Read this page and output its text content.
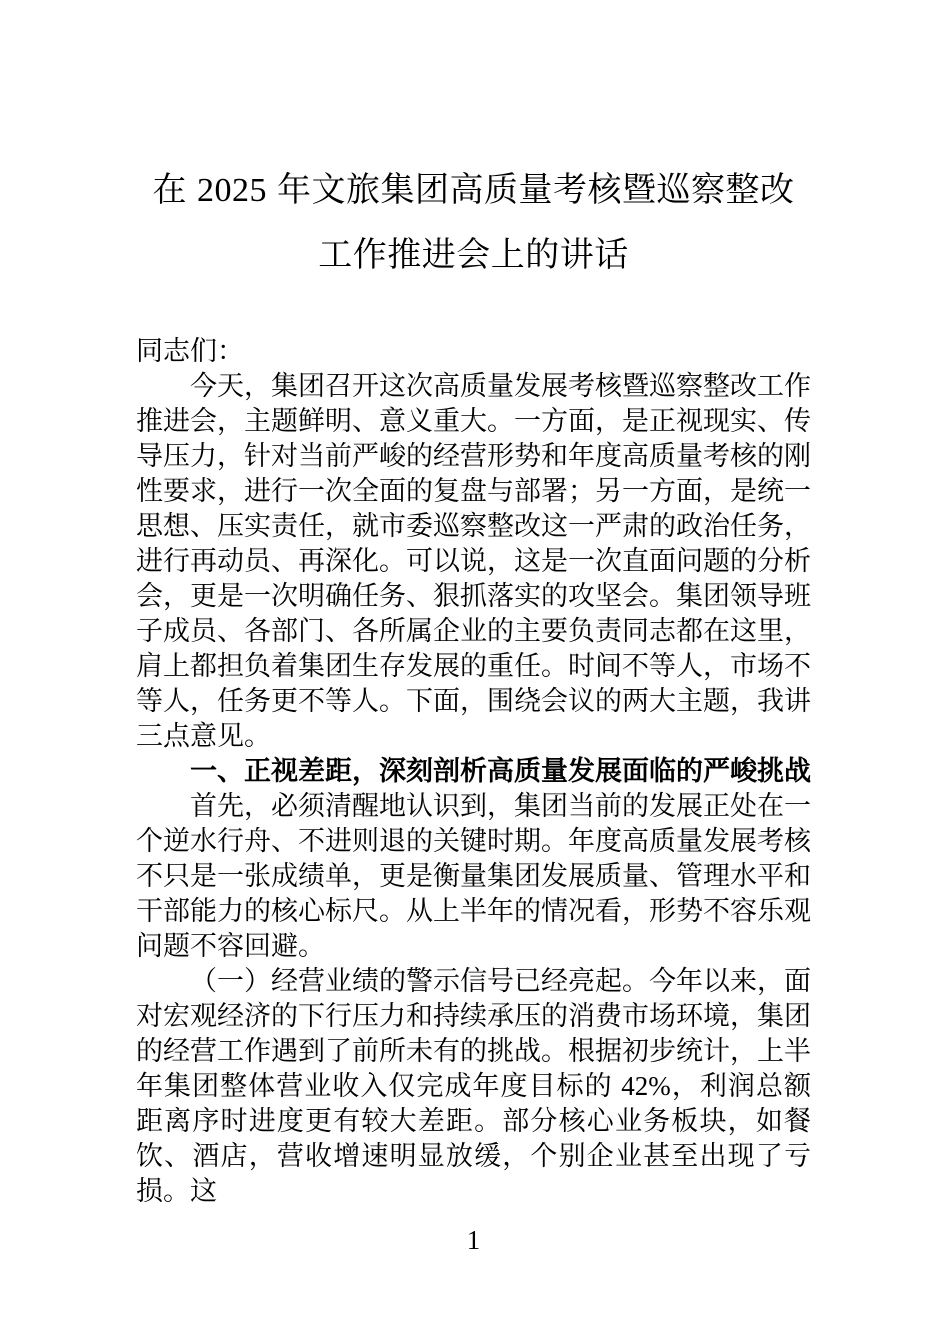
在 2025 年文旅集团高质量考核暨巡察整改
工作推进会上的讲话

同志们：

今天，集团召开这次高质量发展考核暨巡察整改工作推进会，主题鲜明、意义重大。一方面，是正视现实、传导压力，针对当前严峻的经营形势和年度高质量考核的刚性要求，进行一次全面的复盘与部署；另一方面，是统一思想、压实责任，就市委巡察整改这一严肃的政治任务，进行再动员、再深化。可以说，这是一次直面问题的分析会，更是一次明确任务、狠抓落实的攻坚会。集团领导班子成员、各部门、各所属企业的主要负责同志都在这里，肩上都担负着集团生存发展的重任。时间不等人，市场不等人，任务更不等人。下面，围绕会议的两大主题，我讲三点意见。

一、正视差距，深刻剖析高质量发展面临的严峻挑战

首先，必须清醒地认识到，集团当前的发展正处在一个逆水行舟、不进则退的关键时期。年度高质量发展考核不只是一张成绩单，更是衡量集团发展质量、管理水平和干部能力的核心标尺。从上半年的情况看，形势不容乐观问题不容回避。

（一）经营业绩的警示信号已经亮起。今年以来，面对宏观经济的下行压力和持续承压的消费市场环境，集团的经营工作遇到了前所未有的挑战。根据初步统计，上半年集团整体营业收入仅完成年度目标的 42%，利润总额距离序时进度更有较大差距。部分核心业务板块，如餐饮、酒店，营收增速明显放缓，个别企业甚至出现了亏损。这

1
